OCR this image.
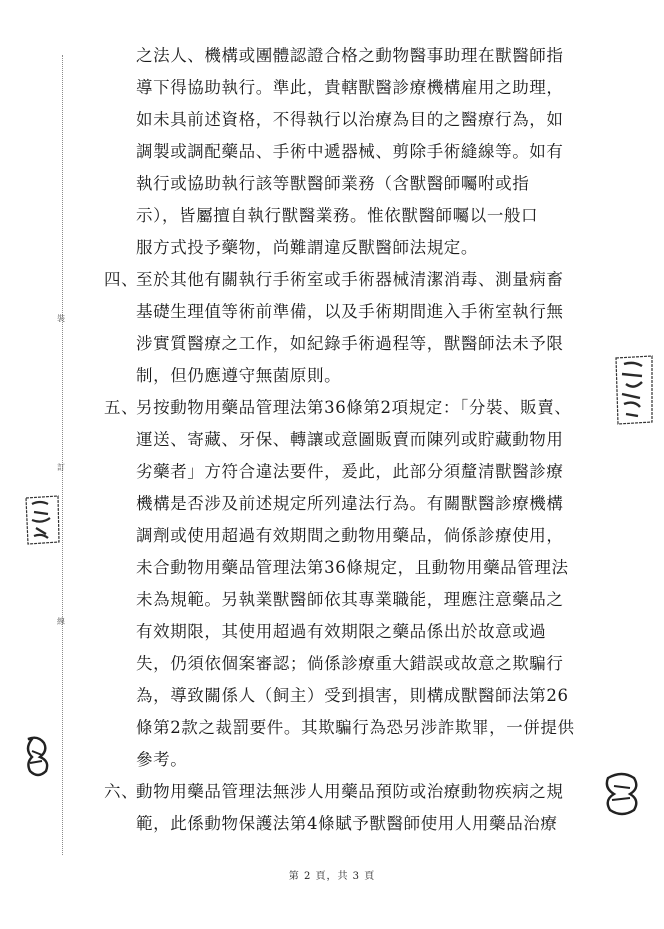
裝
訂
線
之法人、機構或團體認證合格之動物醫事助理在獸醫師指
導下得協助執行。準此，貴轄獸醫診療機構雇用之助理，
如未具前述資格，不得執行以治療為目的之醫療行為，如
調製或調配藥品、手術中遞器械、剪除手術縫線等。如有
執行或協助執行該等獸醫師業務（含獸醫師囑咐或指
示），皆屬擅自執行獸醫業務。惟依獸醫師囑以一般口
服方式投予藥物，尚難謂違反獸醫師法規定。
四、
至於其他有關執行手術室或手術器械清潔消毒、測量病畜
基礎生理值等術前準備，以及手術期間進入手術室執行無
涉實質醫療之工作，如紀錄手術過程等，獸醫師法未予限
制，但仍應遵守無菌原則。
五、
另按動物用藥品管理法第36條第2項規定：「分裝、販賣、
運送、寄藏、牙保、轉讓或意圖販賣而陳列或貯藏動物用
劣藥者」方符合違法要件，爰此，此部分須釐清獸醫診療
機構是否涉及前述規定所列違法行為。有關獸醫診療機構
調劑或使用超過有效期間之動物用藥品，倘係診療使用，
未合動物用藥品管理法第36條規定，且動物用藥品管理法
未為規範。另執業獸醫師依其專業職能，理應注意藥品之
有效期限，其使用超過有效期限之藥品係出於故意或過
失，仍須依個案審認；倘係診療重大錯誤或故意之欺騙行
為，導致關係人（飼主）受到損害，則構成獸醫師法第26
條第2款之裁罰要件。其欺騙行為恐另涉詐欺罪，一併提供
參考。
六、
動物用藥品管理法無涉人用藥品預防或治療動物疾病之規
範，此係動物保護法第4條賦予獸醫師使用人用藥品治療
第 2 頁，共 3 頁
